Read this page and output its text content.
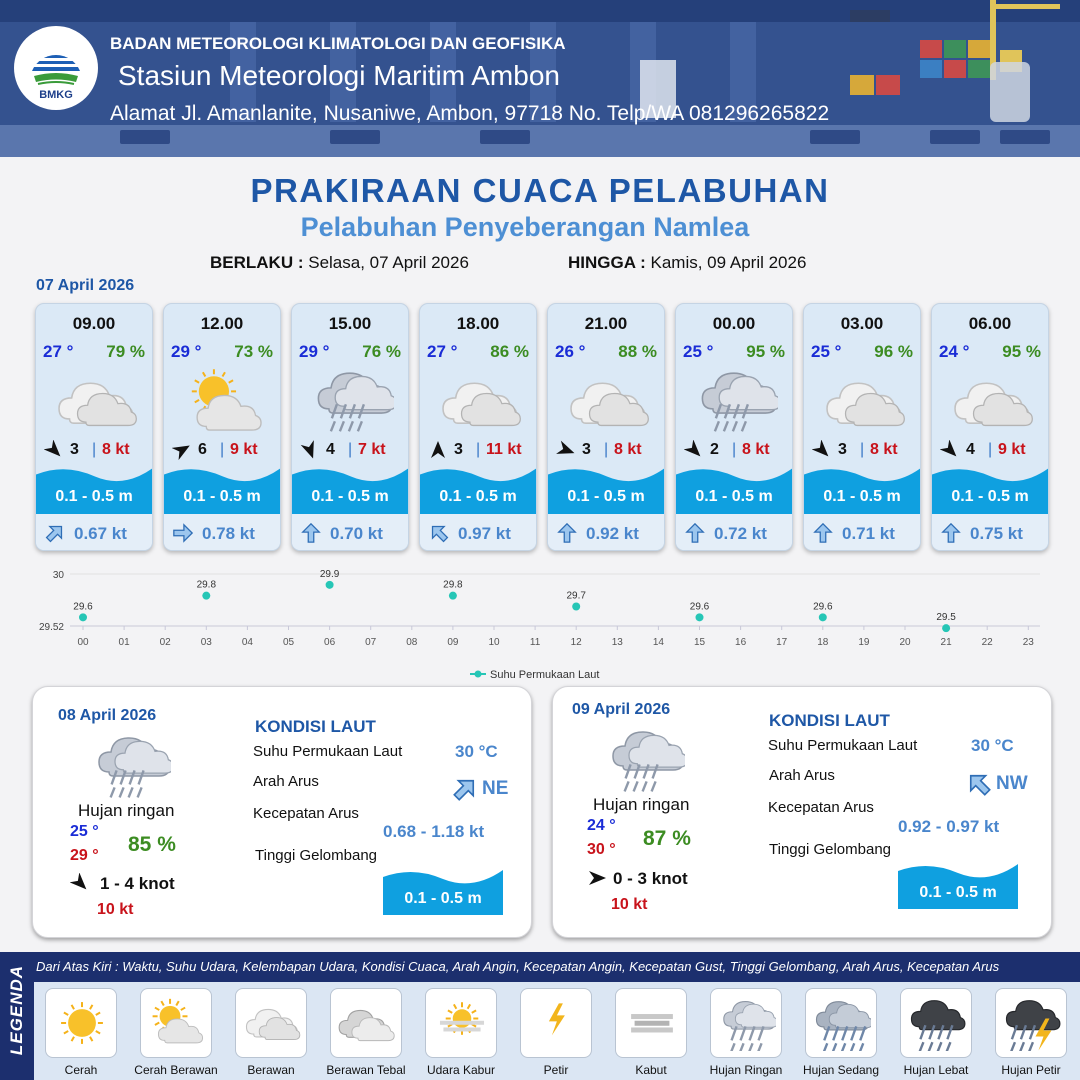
BMKG
BADAN METEOROLOGI KLIMATOLOGI DAN GEOFISIKA
Stasiun Meteorologi Maritim Ambon
Alamat Jl. Amanlanite, Nusaniwe, Ambon, 97718 No. Telp/WA 081296265822
PRAKIRAAN CUACA PELABUHAN
Pelabuhan Penyeberangan Namlea
BERLAKU : Selasa, 07 April 2026	HINGGA : Kamis, 09 April 2026
07 April 2026
09.00
27 ° 79 %
3 | 8 kt
0.1 - 0.5 m
0.67 kt
12.00
29 ° 73 %
6 | 9 kt
0.1 - 0.5 m
0.78 kt
15.00
29 ° 76 %
4 | 7 kt
0.1 - 0.5 m
0.70 kt
18.00
27 ° 86 %
3 | 11 kt
0.1 - 0.5 m
0.97 kt
21.00
26 ° 88 %
3 | 8 kt
0.1 - 0.5 m
0.92 kt
00.00
25 ° 95 %
2 | 8 kt
0.1 - 0.5 m
0.72 kt
03.00
25 ° 96 %
3 | 8 kt
0.1 - 0.5 m
0.71 kt
06.00
24 ° 95 %
4 | 9 kt
0.1 - 0.5 m
0.75 kt
30
29.52
00	01	02	03	04	05	06	07	08	09	10	11	12	13	14	15	16	17	18	19	20	21	22	23
29.6
29.8
29.9
29.8
29.7
29.6	29.6
29.5
Suhu Permukaan Laut
08 April 2026
Hujan ringan
25 °
29 ° 85 %
1 - 4 knot
10 kt
KONDISI LAUT
Suhu Permukaan Laut	30 °C
Arah Arus	NE
Kecepatan Arus
0.68 - 1.18 kt
Tinggi Gelombang
0.1 - 0.5 m
09 April 2026
Hujan ringan
24 °
30 ° 87 %
0 - 3 knot
10 kt
KONDISI LAUT
Suhu Permukaan Laut	30 °C
Arah Arus	NW
Kecepatan Arus
0.92 - 0.97 kt
Tinggi Gelombang
0.1 - 0.5 m
LEGENDA Dari Atas Kiri : Waktu, Suhu Udara, Kelembapan Udara, Kondisi Cuaca, Arah Angin, Kecepatan Angin, Kecepatan Gust, Tinggi Gelombang, Arah Arus, Kecepatan Arus
Cerah	Cerah Berawan	Berawan	Berawan Tebal	Udara Kabur	Petir	Kabut	Hujan Ringan	Hujan Sedang	Hujan Lebat	Hujan Petir
